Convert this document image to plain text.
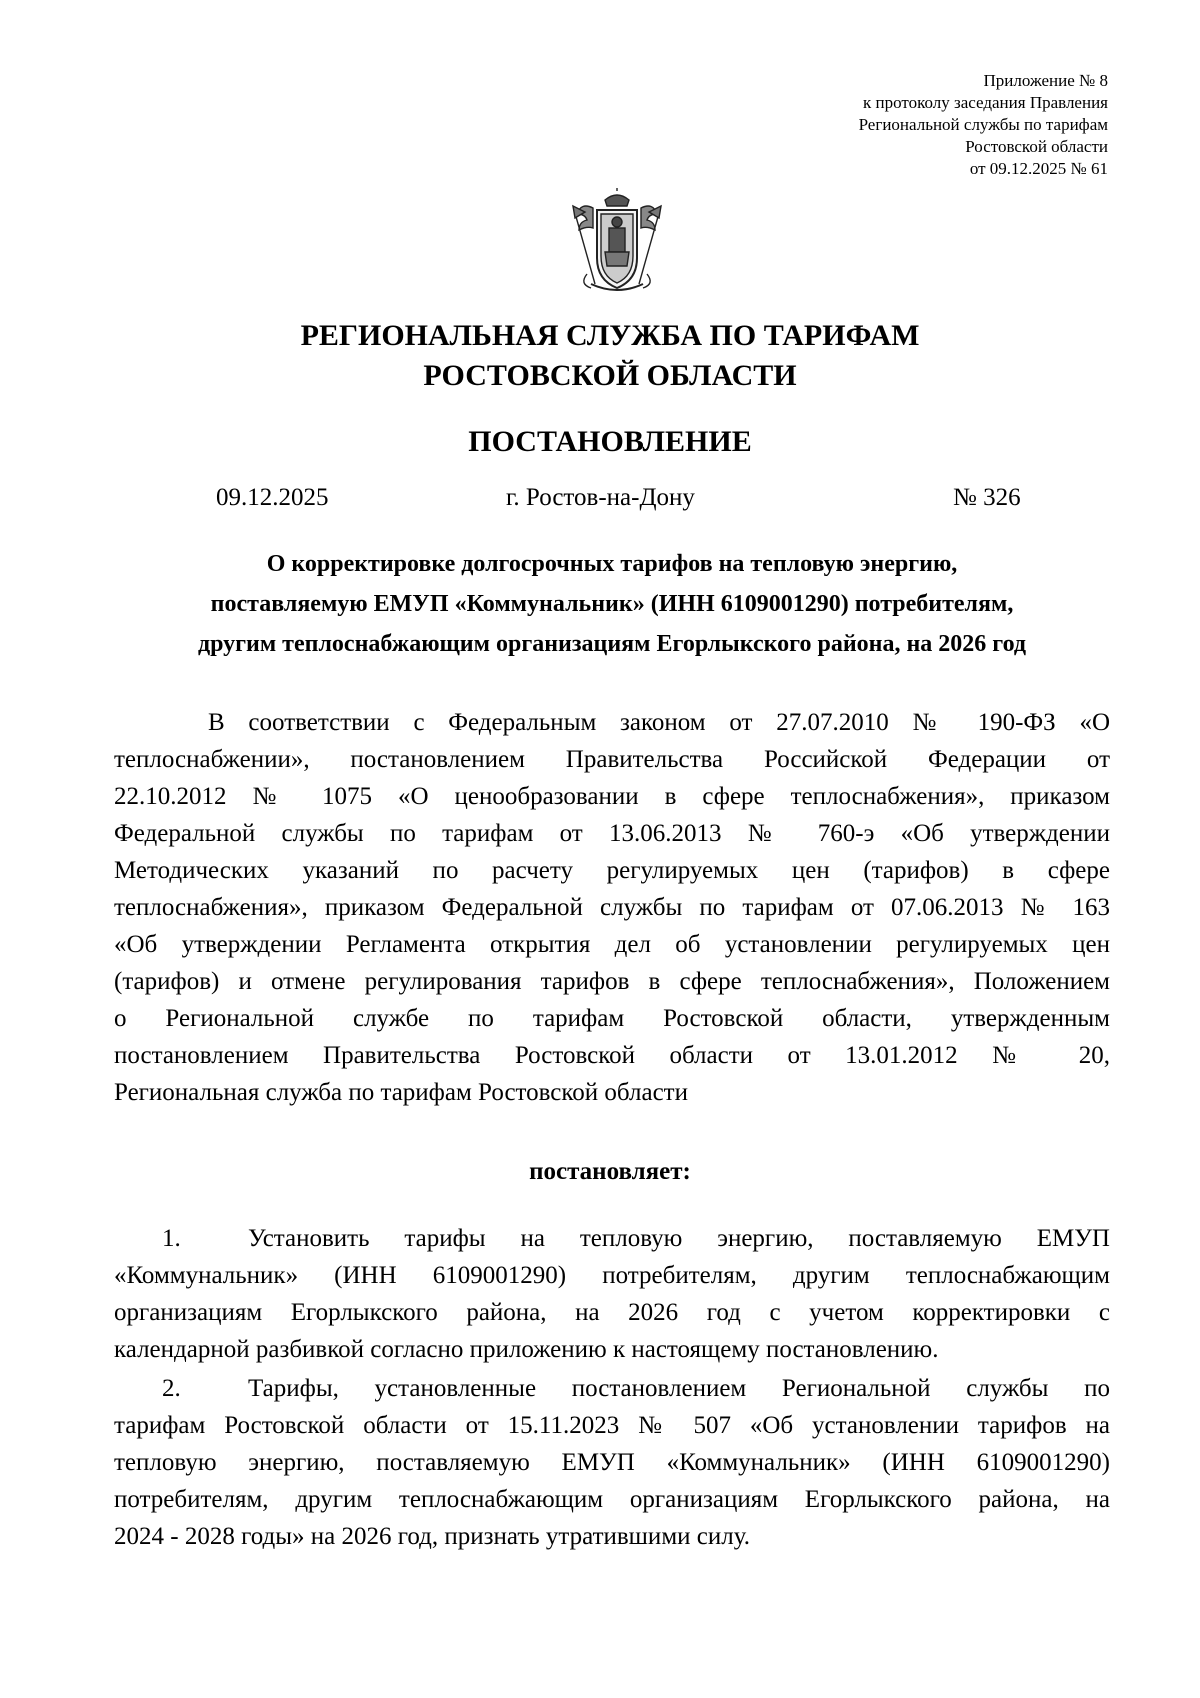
Приложение № 8
к протоколу заседания Правления
Региональной службы по тарифам
Ростовской области
от 09.12.2025 № 61
РЕГИОНАЛЬНАЯ СЛУЖБА ПО ТАРИФАМ
РОСТОВСКОЙ ОБЛАСТИ
ПОСТАНОВЛЕНИЕ
09.12.2025	г. Ростов-на-Дону	№ 326
О корректировке долгосрочных тарифов на тепловую энергию,
поставляемую ЕМУП «Коммунальник» (ИНН 6109001290) потребителям,
другим теплоснабжающим организациям Егорлыкского района, на 2026 год
В соответствии с Федеральным законом от 27.07.2010 № 190-ФЗ «О
теплоснабжении», постановлением Правительства Российской Федерации от
22.10.2012 № 1075 «О ценообразовании в сфере теплоснабжения», приказом
Федеральной службы по тарифам от 13.06.2013 № 760-э «Об утверждении
Методических указаний по расчету регулируемых цен (тарифов) в сфере
теплоснабжения», приказом Федеральной службы по тарифам от 07.06.2013 № 163
«Об утверждении Регламента открытия дел об установлении регулируемых цен
(тарифов) и отмене регулирования тарифов в сфере теплоснабжения», Положением
о Региональной службе по тарифам Ростовской области, утвержденным
постановлением Правительства Ростовской области от 13.01.2012 № 20,
Региональная служба по тарифам Ростовской области
постановляет:
1.	Установить тарифы на тепловую энергию, поставляемую ЕМУП
«Коммунальник» (ИНН 6109001290) потребителям, другим теплоснабжающим
организациям Егорлыкского района, на 2026 год с учетом корректировки с
календарной разбивкой согласно приложению к настоящему постановлению.
2.	Тарифы, установленные постановлением Региональной службы по
тарифам Ростовской области от 15.11.2023 № 507 «Об установлении тарифов на
тепловую энергию, поставляемую ЕМУП «Коммунальник» (ИНН 6109001290)
потребителям, другим теплоснабжающим организациям Егорлыкского района, на
2024 - 2028 годы» на 2026 год, признать утратившими силу.
